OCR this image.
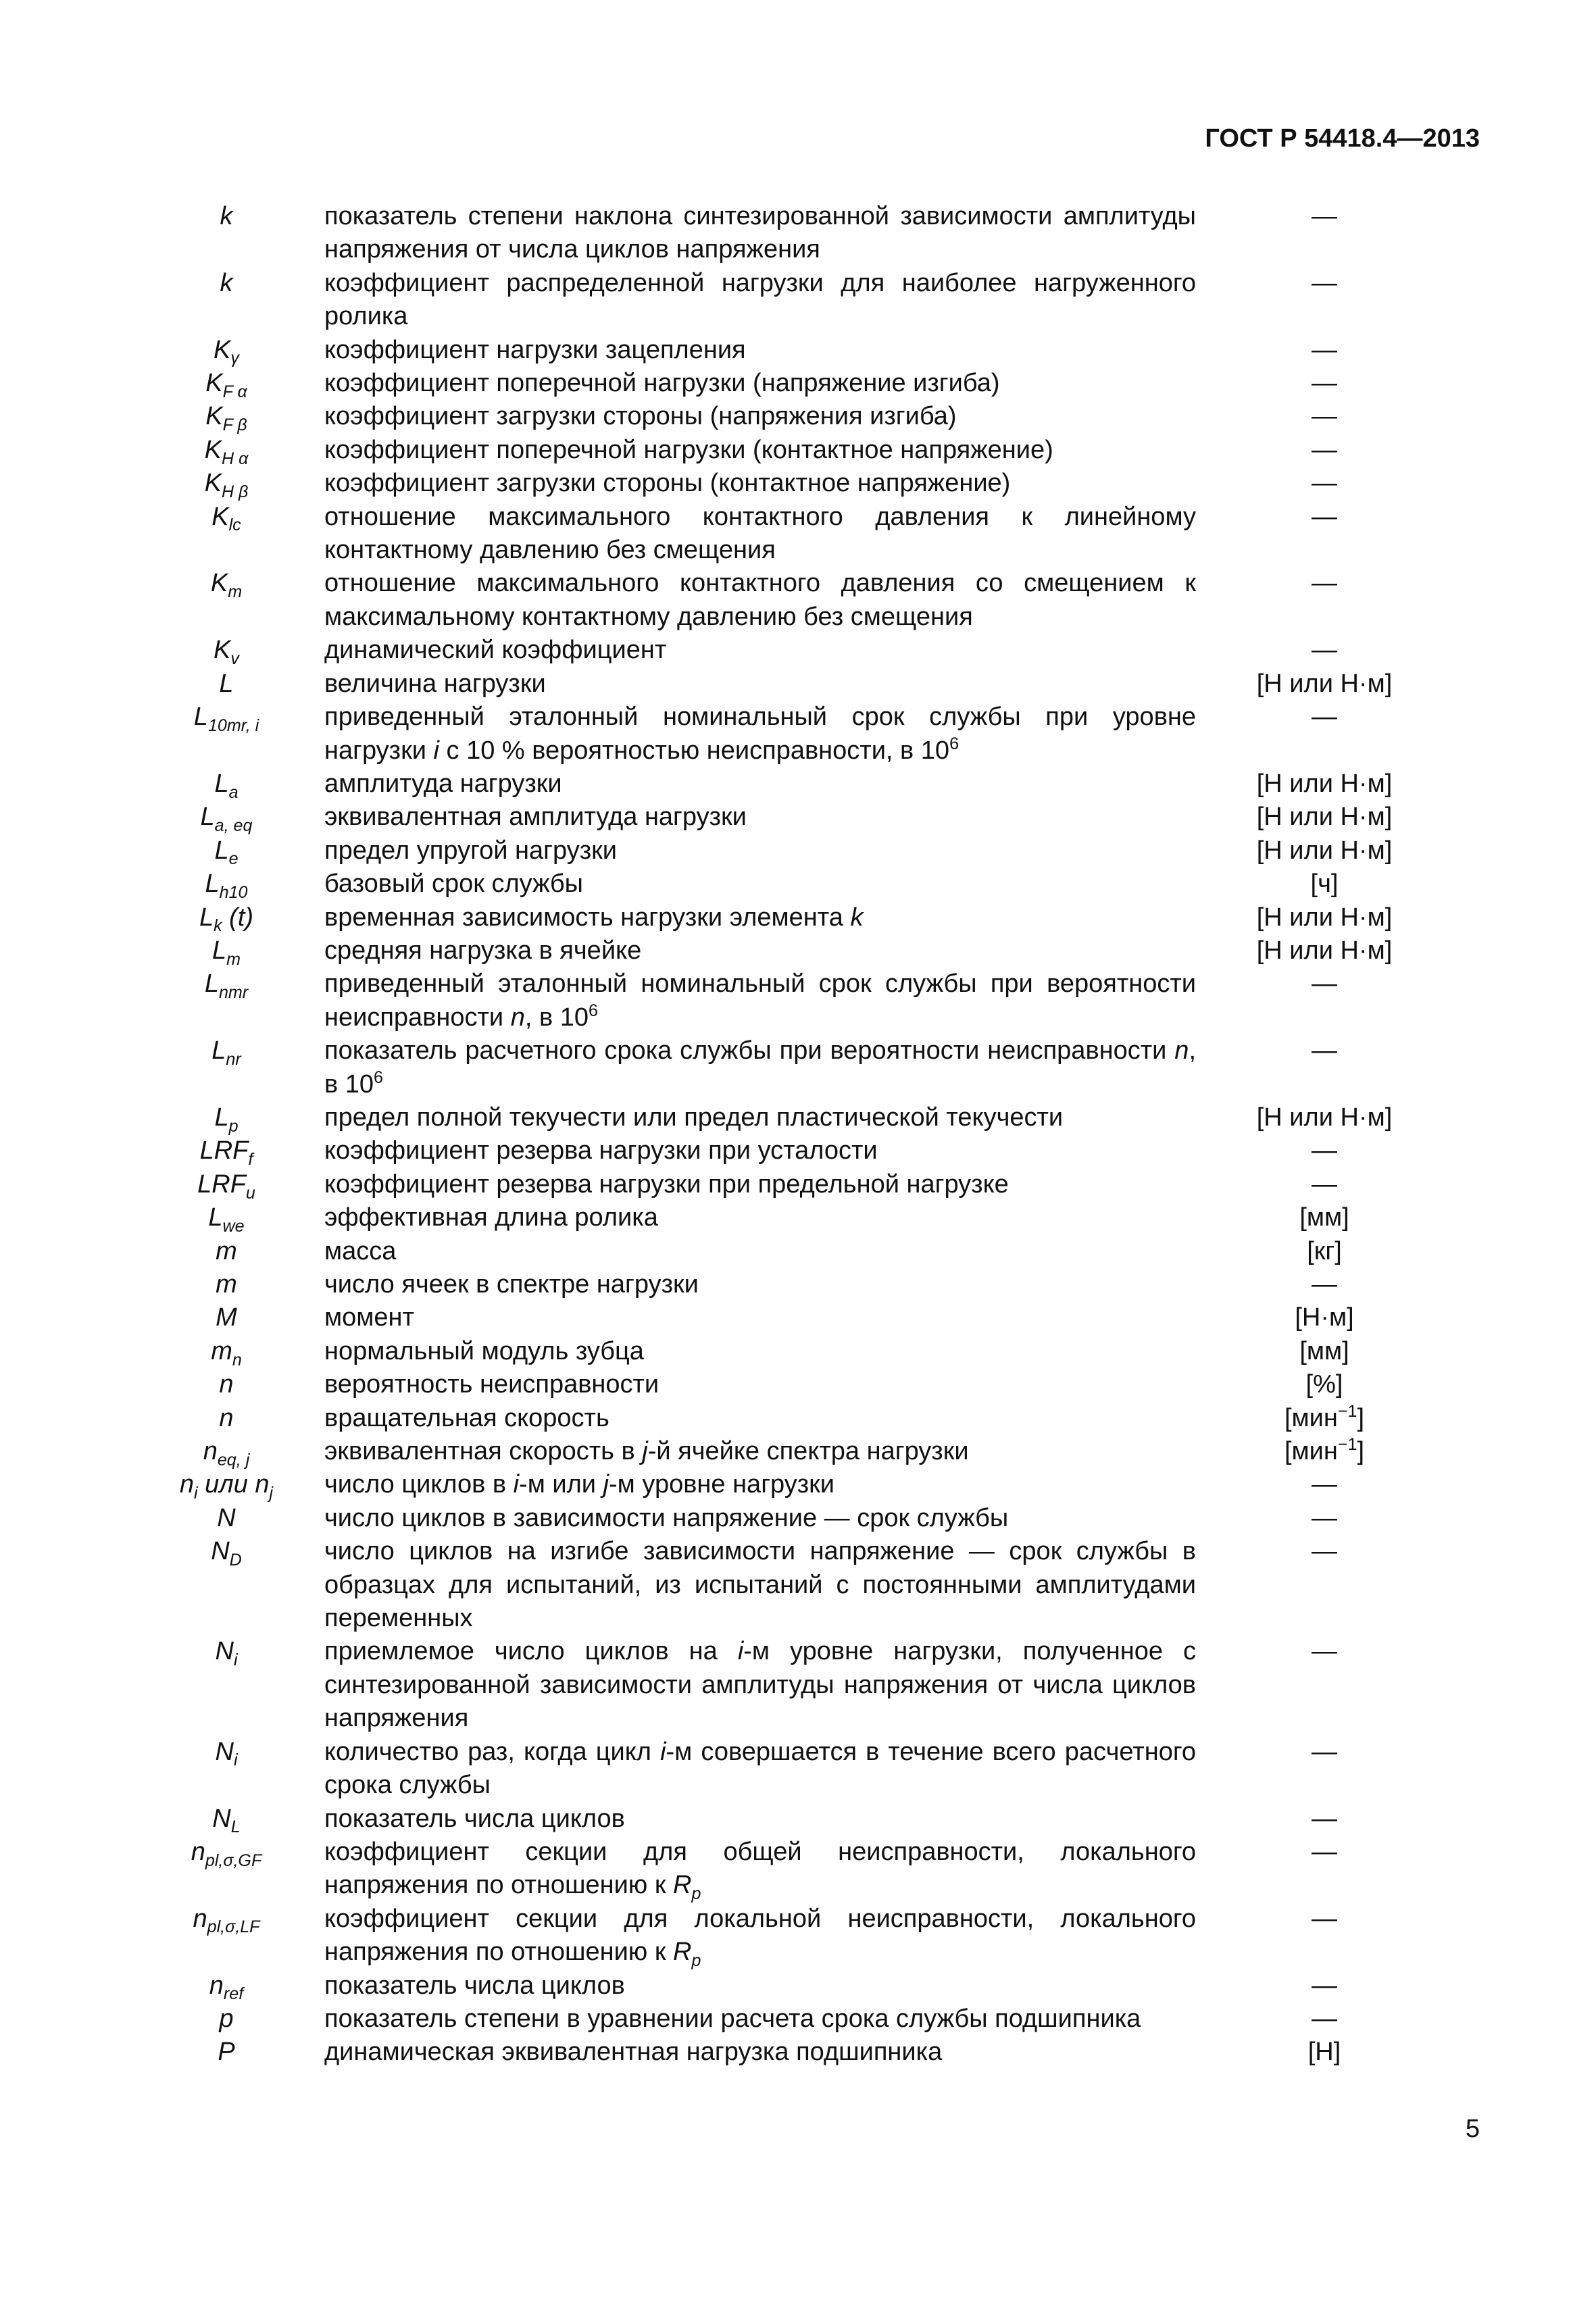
ГОСТ Р 54418.4—2013
k	показатель степени наклона синтезированной зависимости амплитуды напряжения от числа циклов напряжения	—
k	коэффициент распределенной нагрузки для наиболее нагруженного ролика	—
$K_\gamma$	коэффициент нагрузки зацепления	—
$K_{F \alpha}$	коэффициент поперечной нагрузки (напряжение изгиба)	—
$K_{F \beta}$	коэффициент загрузки стороны (напряжения изгиба)	—
$K_{H \alpha}$	коэффициент поперечной нагрузки (контактное напряжение)	—
$K_{H \beta}$	коэффициент загрузки стороны (контактное напряжение)	—
$K_{lc}$	отношение максимального контактного давления к линейному контактному давлению без смещения	—
$K_m$	отношение максимального контактного давления со смещением к максимальному контактному давлению без смещения	—
$K_v$	динамический коэффициент	—
L	величина нагрузки	[Н или Н·м]
$L_{10mr, i}$	приведенный эталонный номинальный срок службы при уровне нагрузки i с 10 % вероятностью неисправности, в $10^6$	—
$L_a$	амплитуда нагрузки	[Н или Н·м]
$L_{a, eq}$	эквивалентная амплитуда нагрузки	[Н или Н·м]
$L_e$	предел упругой нагрузки	[Н или Н·м]
$L_{h10}$	базовый срок службы	[ч]
$L_k$ (t)	временная зависимость нагрузки элемента k	[Н или Н·м]
$L_m$	средняя нагрузка в ячейке	[Н или Н·м]
$L_{nmr}$	приведенный эталонный номинальный срок службы при вероятности неисправности n, в $10^6$	—
$L_{nr}$	показатель расчетного срока службы при вероятности неисправности n, в $10^6$	—
$L_p$	предел полной текучести или предел пластической текучести	[Н или Н·м]
$LRF_f$	коэффициент резерва нагрузки при усталости	—
$LRF_u$	коэффициент резерва нагрузки при предельной нагрузке	—
$L_{we}$	эффективная длина ролика	[мм]
m	масса	[кг]
m	число ячеек в спектре нагрузки	—
M	момент	[Н·м]
$m_n$	нормальный модуль зубца	[мм]
n	вероятность неисправности	[%]
n	вращательная скорость	[мин$^{-1}$]
$n_{eq, j}$	эквивалентная скорость в j-й ячейке спектра нагрузки	[мин$^{-1}$]
$n_i$ или $n_j$	число циклов в i-м или j-м уровне нагрузки	—
N	число циклов в зависимости напряжение — срок службы	—
$N_D$	число циклов на изгибе зависимости напряжение — срок службы в образцах для испытаний, из испытаний с постоянными амплитудами переменных	—
$N_i$	приемлемое число циклов на i-м уровне нагрузки, полученное с синтезированной зависимости амплитуды напряжения от числа циклов напряжения	—
$N_i$	количество раз, когда цикл i-м совершается в течение всего расчетного срока службы	—
$N_L$	показатель числа циклов	—
$n_{pl,\sigma,GF}$	коэффициент секции для общей неисправности, локального напряжения по отношению к $R_p$	—
$n_{pl,\sigma,LF}$	коэффициент секции для локальной неисправности, локального напряжения по отношению к $R_p$	—
$n_{ref}$	показатель числа циклов	—
p	показатель степени в уравнении расчета срока службы подшипника	—
P	динамическая эквивалентная нагрузка подшипника	[Н]
5
